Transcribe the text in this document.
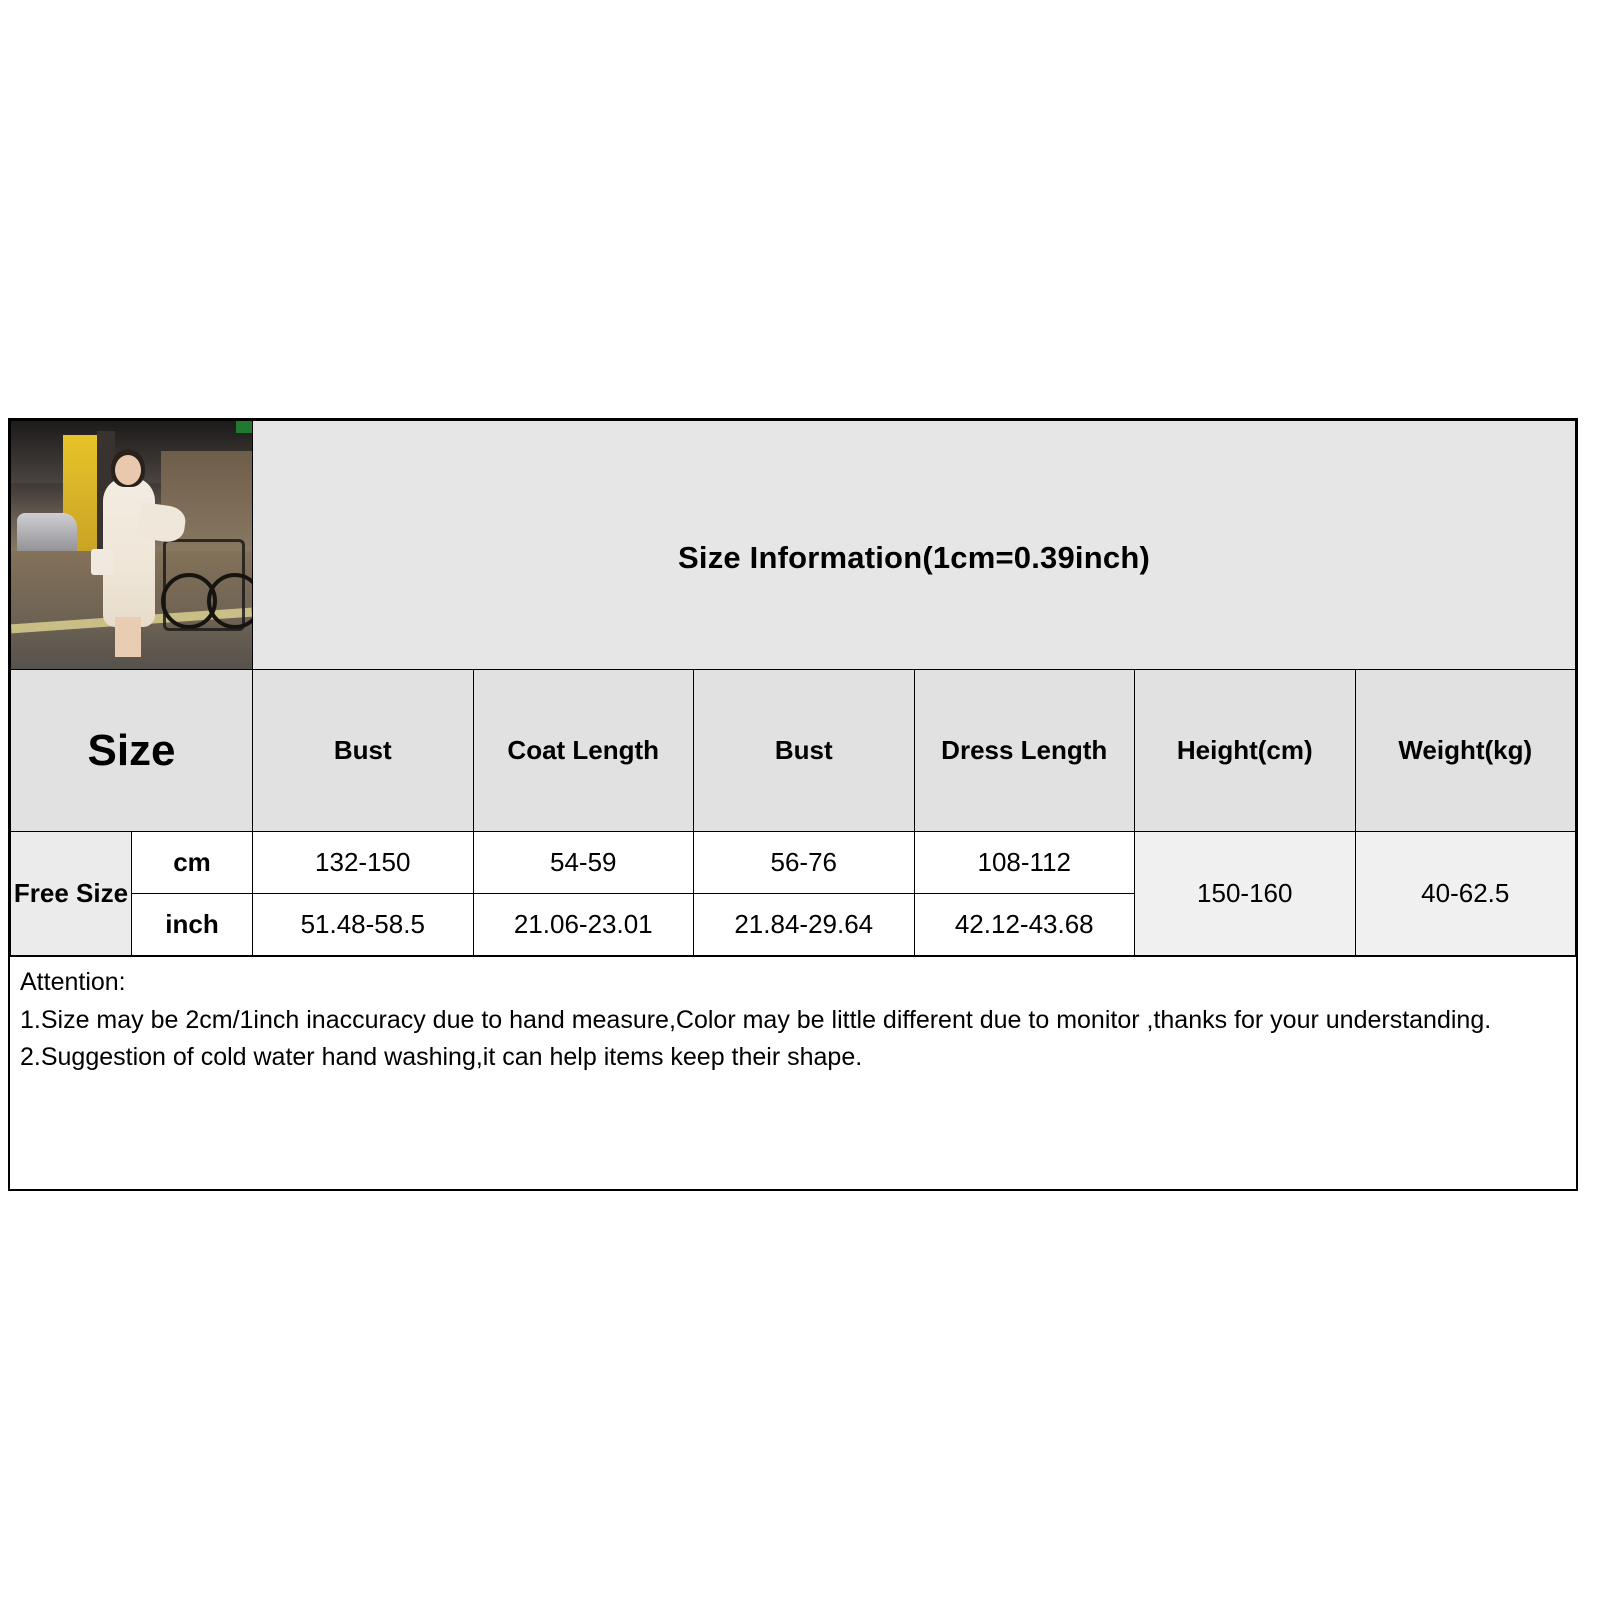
		Size Information(1cm=0.39inch)					
Size		Bust	Coat Length	Bust	Dress Length	Height(cm)	Weight(kg)
Free Size	cm	132-150	54-59	56-76	108-112	150-160	40-62.5
	inch	51.48-58.5	21.06-23.01	21.84-29.64	42.12-43.68		

Attention:

1.Size may be 2cm/1inch inaccuracy due to hand measure,Color may be little different due to monitor ,thanks for your understanding.

2.Suggestion of cold water hand washing,it can help items keep their shape.
